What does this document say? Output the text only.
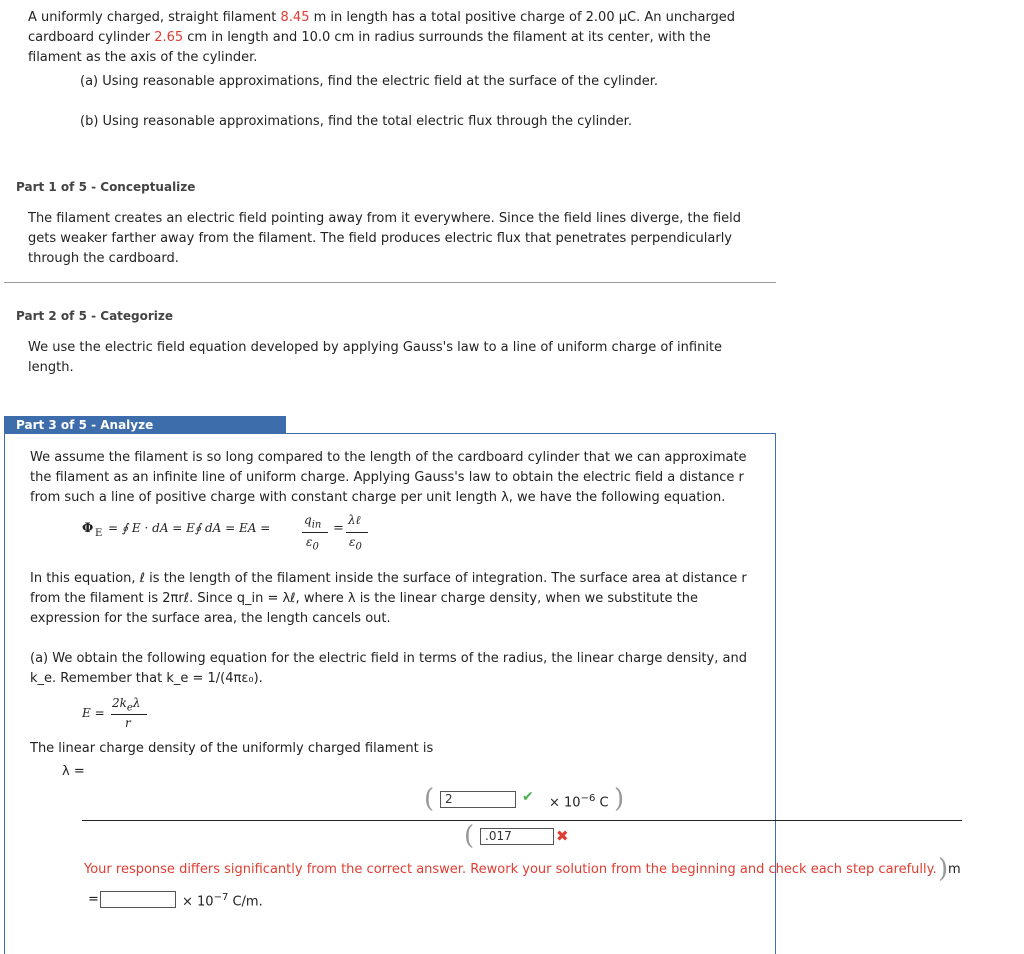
A uniformly charged, straight filament 8.45 m in length has a total positive charge of 2.00 μC. An uncharged

cardboard cylinder 2.65 cm in length and 10.0 cm in radius surrounds the filament at its center, with the

filament as the axis of the cylinder.

(a) Using reasonable approximations, find the electric field at the surface of the cylinder.

(b) Using reasonable approximations, find the total electric flux through the cylinder.

Part 1 of 5 - Conceptualize

The filament creates an electric field pointing away from it everywhere. Since the field lines diverge, the field gets weaker farther away from the filament. The field produces electric flux that penetrates perpendicularly through the cardboard.

Part 2 of 5 - Categorize

We use the electric field equation developed by applying Gauss's law to a line of uniform charge of infinite length.

Part 3 of 5 - Analyze

We assume the filament is so long compared to the length of the cardboard cylinder that we can approximate the filament as an infinite line of uniform charge. Applying Gauss's law to obtain the electric field a distance r from such a line of positive charge with constant charge per unit length λ, we have the following equation.

Φ E = ∮ E · dA = E∮ dA = EA =
$q_{in}$
$\varepsilon_0$
=
λℓ
$\varepsilon_0$

In this equation, ℓ is the length of the filament inside the surface of integration. The surface area at distance r from the filament is 2πrℓ. Since q_in = λℓ, where λ is the linear charge density, when we substitute the expression for the surface area, the length cancels out.

(a) We obtain the following equation for the electric field in terms of the radius, the linear charge density, and k_e. Remember that k_e = 1/(4πε₀).

E =
$2k_e\lambda$
r

The linear charge density of the uniformly charged filament is

λ =

(
2	✔ × $10^{-6}$ C )
(
.017	✖

Your response differs significantly from the correct answer. Rework your solution from the beginning and check each step carefully. ) m
=	× $10^{-7}$ C/m.
